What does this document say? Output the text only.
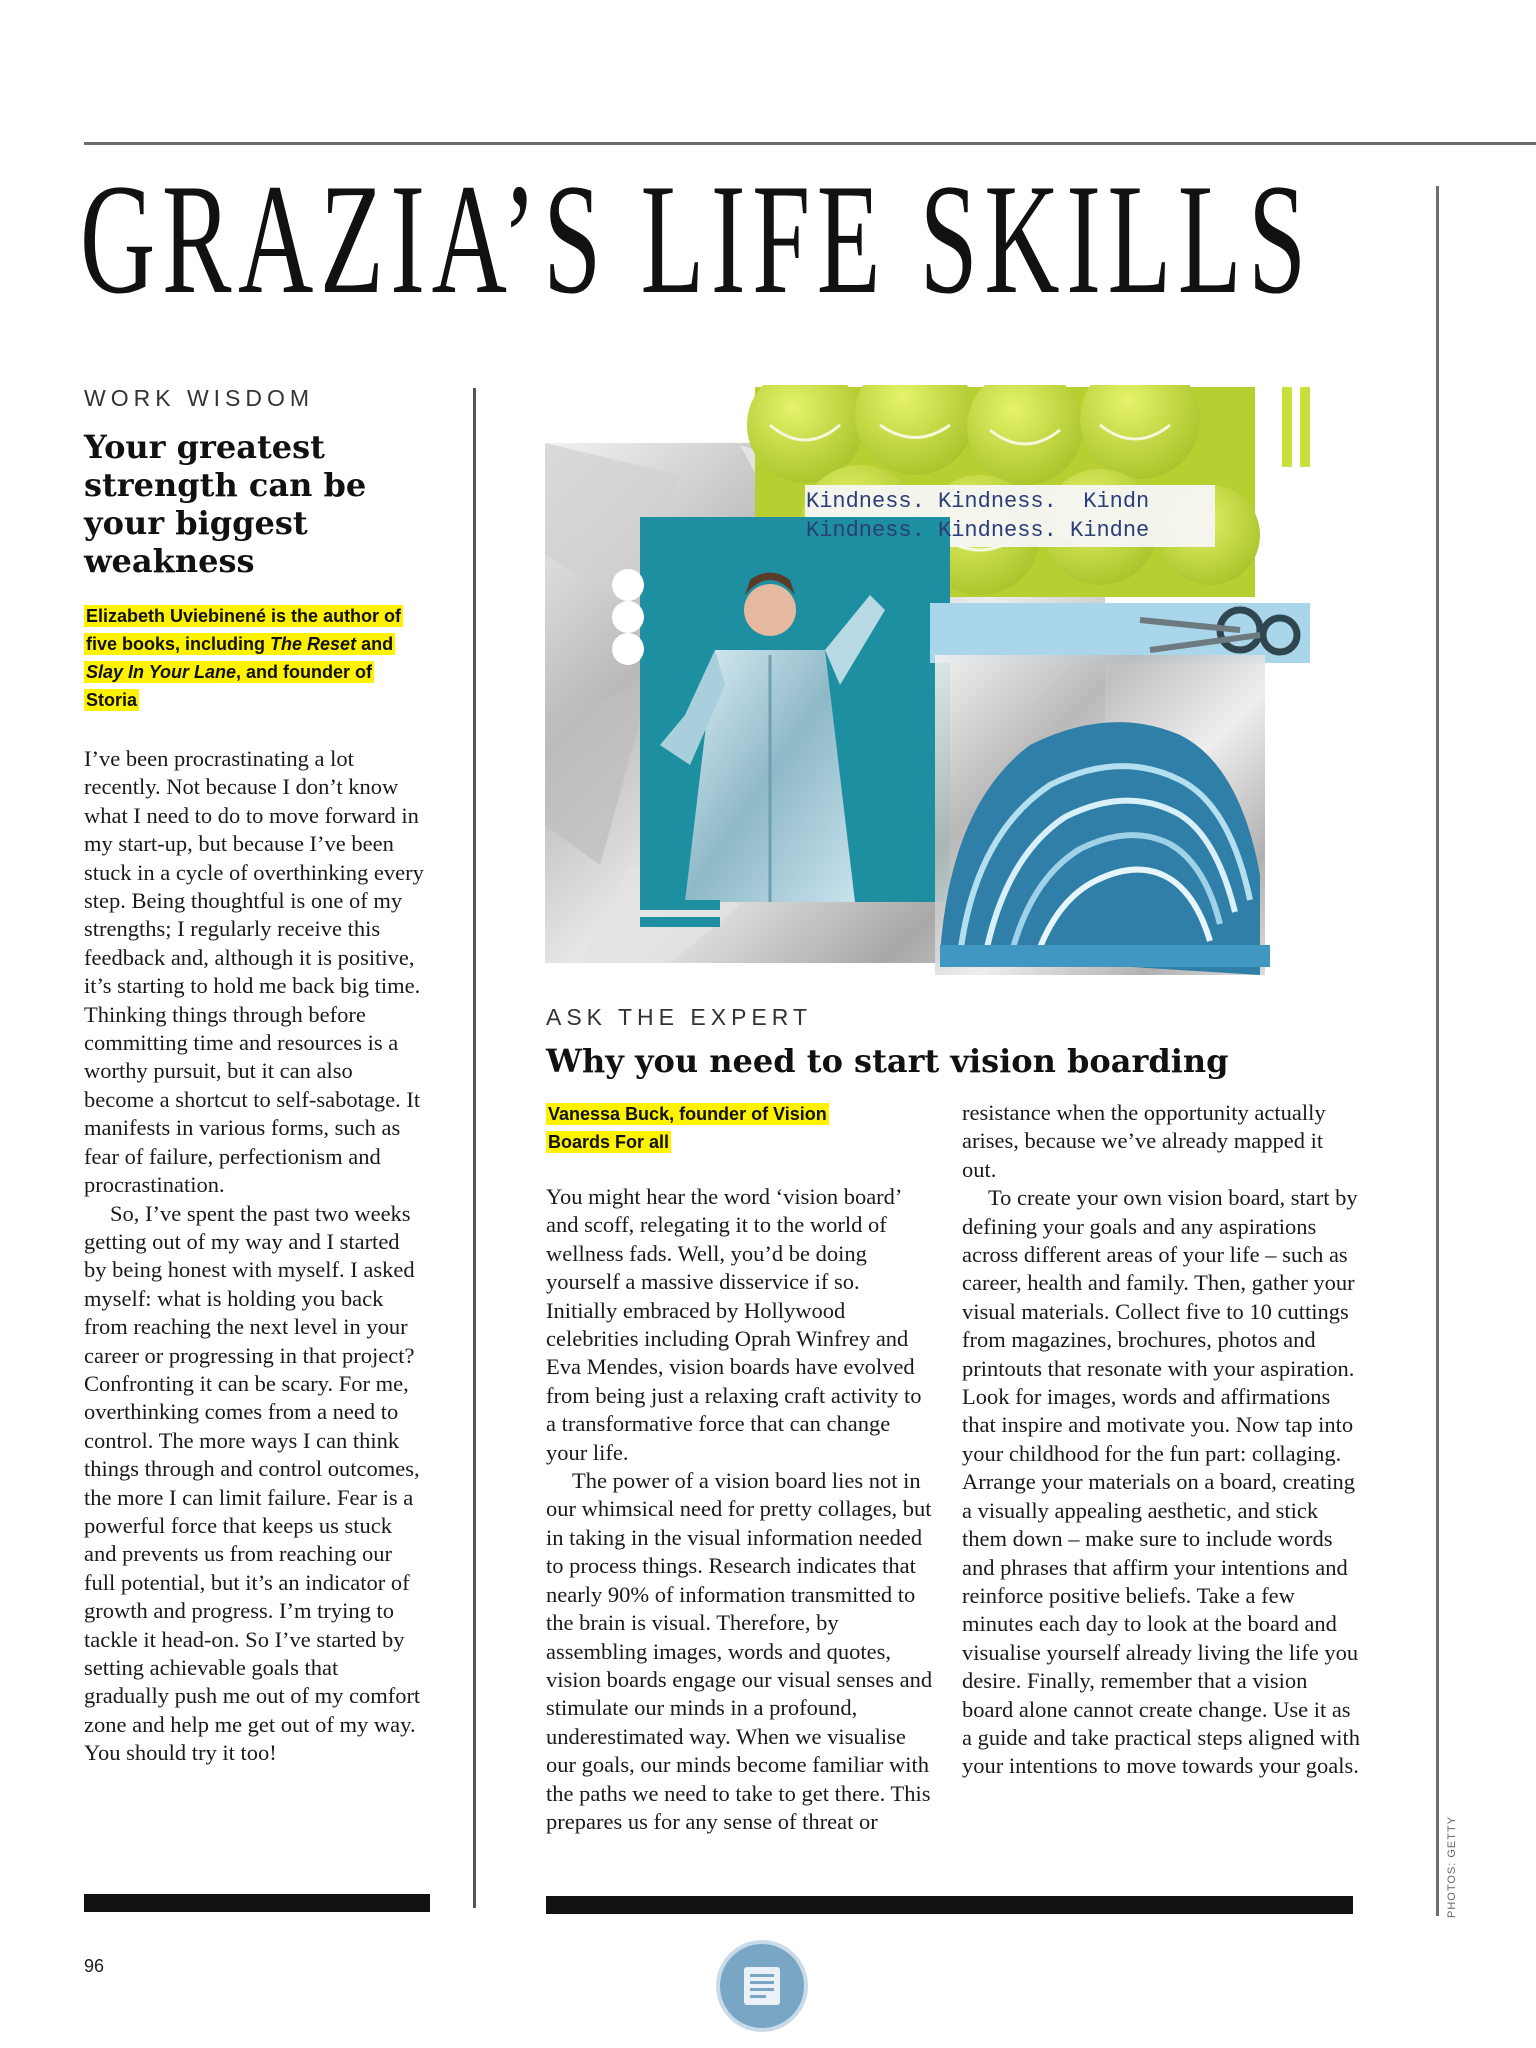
GRAZIA’S LIFE SKILLS
WORK WISDOM
Your greatest strength can be your biggest weakness
Elizabeth Uviebinené is the author of five books, including The Reset and Slay In Your Lane, and founder of Storia

I’ve been procrastinating a lot recently. Not because I don’t know what I need to do to move forward in my start-up, but because I’ve been stuck in a cycle of overthinking every step. Being thoughtful is one of my strengths; I regularly receive this feedback and, although it is positive, it’s starting to hold me back big time. Thinking things through before committing time and resources is a worthy pursuit, but it can also become a shortcut to self-sabotage. It manifests in various forms, such as fear of failure, perfectionism and procrastination.

So, I’ve spent the past two weeks getting out of my way and I started by being honest with myself. I asked myself: what is holding you back from reaching the next level in your career or progressing in that project? Confronting it can be scary. For me, overthinking comes from a need to control. The more ways I can think things through and control outcomes, the more I can limit failure. Fear is a powerful force that keeps us stuck and prevents us from reaching our full potential, but it’s an indicator of growth and progress. I’m trying to tackle it head-on. So I’ve started by setting achievable goals that gradually push me out of my comfort zone and help me get out of my way. You should try it too!

Kindness. Kindness.  Kindn
Kindness. Kindness. Kindne
ASK THE EXPERT
Why you need to start vision boarding
Vanessa Buck, founder of Vision Boards For all

You might hear the word ‘vision board’ and scoff, relegating it to the world of wellness fads. Well, you’d be doing yourself a massive disservice if so. Initially embraced by Hollywood celebrities including Oprah Winfrey and Eva Mendes, vision boards have evolved from being just a relaxing craft activity to a transformative force that can change your life.

The power of a vision board lies not in our whimsical need for pretty collages, but in taking in the visual information needed to process things. Research indicates that nearly 90% of information transmitted to the brain is visual. Therefore, by assembling images, words and quotes, vision boards engage our visual senses and stimulate our minds in a profound, underestimated way. When we visualise our goals, our minds become familiar with the paths we need to take to get there. This prepares us for any sense of threat or

resistance when the opportunity actually arises, because we’ve already mapped it out.

To create your own vision board, start by defining your goals and any aspirations across different areas of your life – such as career, health and family. Then, gather your visual materials. Collect five to 10 cuttings from magazines, brochures, photos and printouts that resonate with your aspiration. Look for images, words and affirmations that inspire and motivate you. Now tap into your childhood for the fun part: collaging. Arrange your materials on a board, creating a visually appealing aesthetic, and stick them down – make sure to include words and phrases that affirm your intentions and reinforce positive beliefs. Take a few minutes each day to look at the board and visualise yourself already living the life you desire. Finally, remember that a vision board alone cannot create change. Use it as a guide and take practical steps aligned with your intentions to move towards your goals.

96
PHOTOS: GETTY
